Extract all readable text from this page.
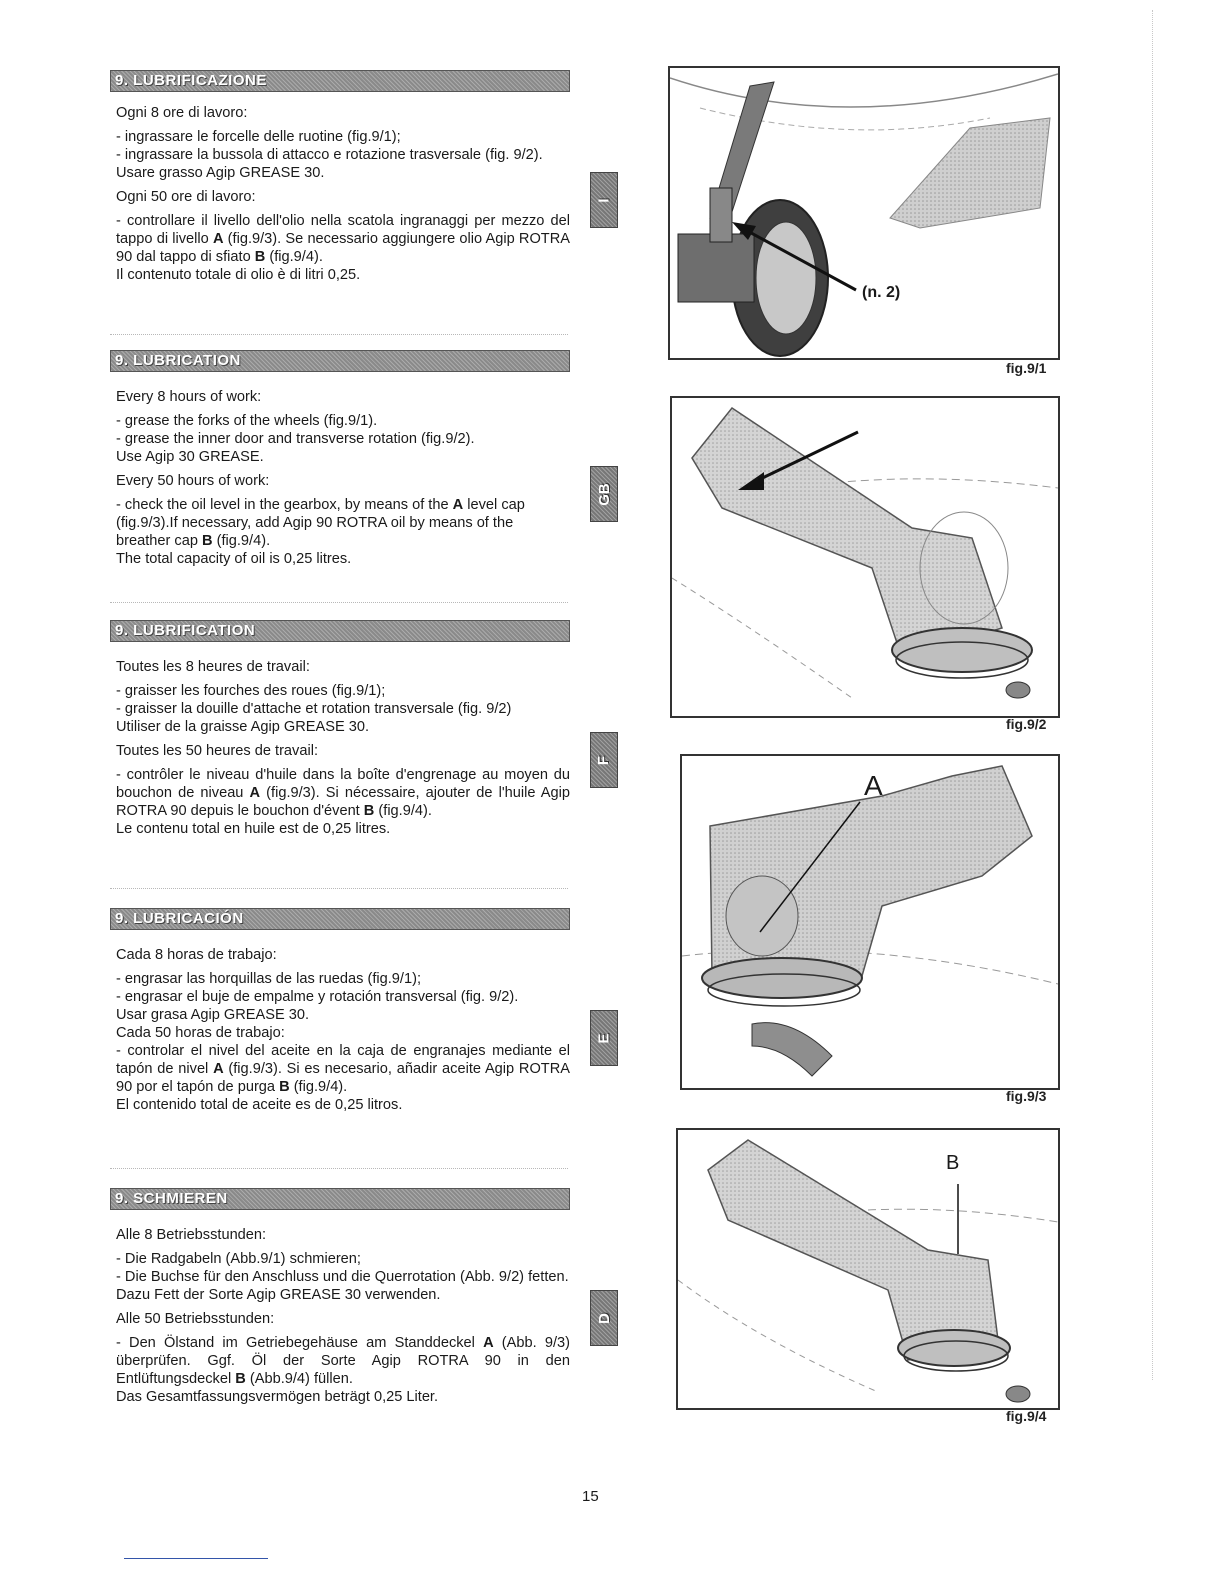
9. LUBRIFICAZIONE

Ogni 8 ore di lavoro:

- ingrassare le forcelle delle ruotine (fig.9/1);

- ingrassare la bussola di attacco e rotazione trasversale (fig. 9/2).

Usare grasso Agip GREASE 30.

Ogni 50 ore di lavoro:

- controllare il livello dell'olio nella scatola ingranaggi per mezzo del tappo di livello A (fig.9/3). Se necessario aggiungere olio Agip ROTRA 90 dal tappo di sfiato B (fig.9/4).

Il contenuto totale di olio è di litri 0,25.

9. LUBRICATION

Every 8 hours of work:

- grease the forks of the wheels (fig.9/1).

- grease the inner door and transverse rotation (fig.9/2).

Use Agip 30 GREASE.

Every 50 hours of work:

- check the oil level in the gearbox, by means of the A level cap (fig.9/3).If necessary, add Agip 90 ROTRA oil by means of the breather cap B (fig.9/4).

The total capacity of oil is 0,25 litres.

9. LUBRIFICATION

Toutes les 8 heures de travail:

- graisser les fourches des roues (fig.9/1);

- graisser la douille d'attache et rotation transversale (fig. 9/2)

Utiliser de la graisse Agip GREASE 30.

Toutes les 50 heures de travail:

- contrôler le niveau d'huile dans la boîte d'engrenage au moyen du bouchon de niveau A (fig.9/3). Si nécessaire, ajouter de l'huile Agip ROTRA 90 depuis le bouchon d'évent B (fig.9/4).

Le contenu total en huile est de 0,25 litres.

9. LUBRICACIÓN

Cada 8 horas de trabajo:

- engrasar las horquillas de las ruedas (fig.9/1);

- engrasar el buje de empalme y rotación transversal (fig. 9/2).

Usar grasa Agip GREASE 30.

Cada 50 horas de trabajo:

- controlar el nivel del aceite en la caja de engranajes mediante el tapón de nivel A (fig.9/3). Si es necesario, añadir aceite Agip ROTRA 90 por el tapón de purga B (fig.9/4).

El contenido total de aceite es de 0,25 litros.

9. SCHMIEREN

Alle 8 Betriebsstunden:

- Die Radgabeln (Abb.9/1) schmieren;

- Die Buchse für den Anschluss und die Querrotation (Abb. 9/2) fetten.

Dazu Fett der Sorte Agip GREASE 30 verwenden.

Alle 50 Betriebsstunden:

- Den Ölstand im Getriebegehäuse am Standdeckel A (Abb. 9/3) überprüfen. Ggf. Öl der Sorte Agip ROTRA 90 in den Entlüftungsdeckel B (Abb.9/4) füllen.

Das Gesamtfassungsvermögen beträgt 0,25 Liter.

I
GB
F
E
D
(n. 2)
fig.9/1
fig.9/2
A
fig.9/3
B
fig.9/4
15
